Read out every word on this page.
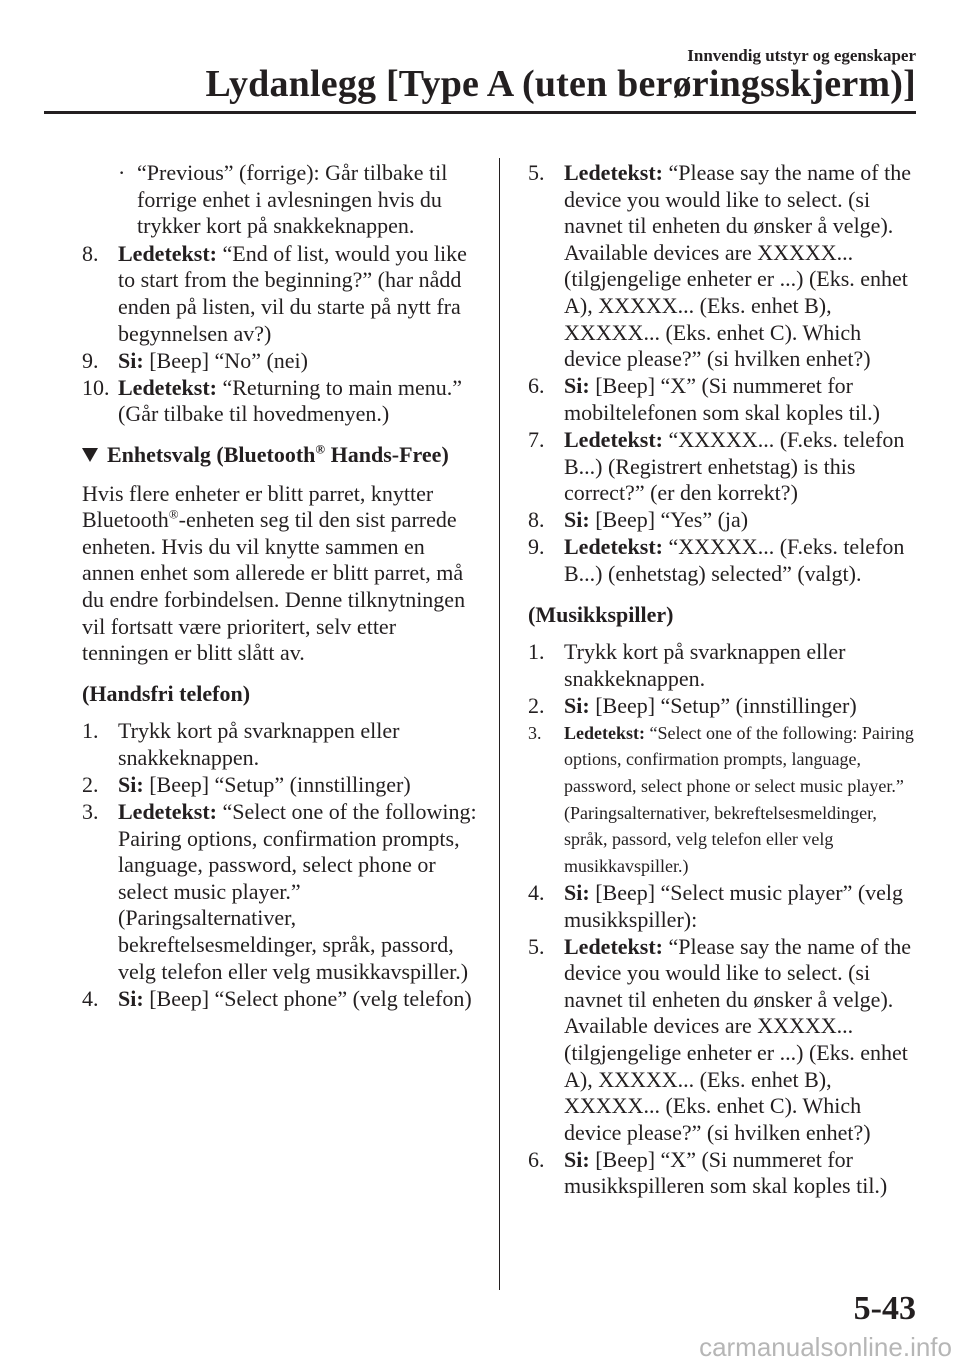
Innvendig utstyr og egenskaper
Lydanlegg [Type A (uten berøringsskjerm)]
· “Previous” (forrige): Går tilbake til forrige enhet i avlesningen hvis du trykker kort på snakkeknappen.
8. Ledetekst: “End of list, would you like to start from the beginning?” (har nådd enden på listen, vil du starte på nytt fra begynnelsen av?)
9. Si: [Beep] “No” (nei)
10. Ledetekst: “Returning to main menu.” (Går tilbake til hovedmenyen.)
Enhetsvalg (Bluetooth® Hands-Free)

Hvis flere enheter er blitt parret, knytter Bluetooth®-enheten seg til den sist parrede enheten. Hvis du vil knytte sammen en annen enhet som allerede er blitt parret, må du endre forbindelsen. Denne tilknytningen vil fortsatt være prioritert, selv etter tenningen er blitt slått av.

(Handsfri telefon)
1. Trykk kort på svarknappen eller snakkeknappen.
2. Si: [Beep] “Setup” (innstillinger)
3. Ledetekst: “Select one of the following: Pairing options, confirmation prompts, language, password, select phone or select music player.” (Paringsalternativer, bekreftelsesmeldinger, språk, passord, velg telefon eller velg musikkavspiller.)
4. Si: [Beep] “Select phone” (velg telefon)
5. Ledetekst: “Please say the name of the device you would like to select. (si navnet til enheten du ønsker å velge). Available devices are XXXXX... (tilgjengelige enheter er ...) (Eks. enhet A), XXXXX... (Eks. enhet B), XXXXX... (Eks. enhet C). Which device please?” (si hvilken enhet?)
6. Si: [Beep] “X” (Si nummeret for mobiltelefonen som skal koples til.)
7. Ledetekst: “XXXXX... (F.eks. telefon B...) (Registrert enhetstag) is this correct?” (er den korrekt?)
8. Si: [Beep] “Yes” (ja)
9. Ledetekst: “XXXXX... (F.eks. telefon B...) (enhetstag) selected” (valgt).
(Musikkspiller)
1. Trykk kort på svarknappen eller snakkeknappen.
2. Si: [Beep] “Setup” (innstillinger)
3. Ledetekst: “Select one of the following: Pairing options, confirmation prompts, language, password, select phone or select music player.” (Paringsalternativer, bekreftelsesmeldinger, språk, passord, velg telefon eller velg musikkavspiller.)
4. Si: [Beep] “Select music player” (velg musikkspiller):
5. Ledetekst: “Please say the name of the device you would like to select. (si navnet til enheten du ønsker å velge). Available devices are XXXXX... (tilgjengelige enheter er ...) (Eks. enhet A), XXXXX... (Eks. enhet B), XXXXX... (Eks. enhet C). Which device please?” (si hvilken enhet?)
6. Si: [Beep] “X” (Si nummeret for musikkspilleren som skal koples til.)
5-43
carmanualsonline.info
